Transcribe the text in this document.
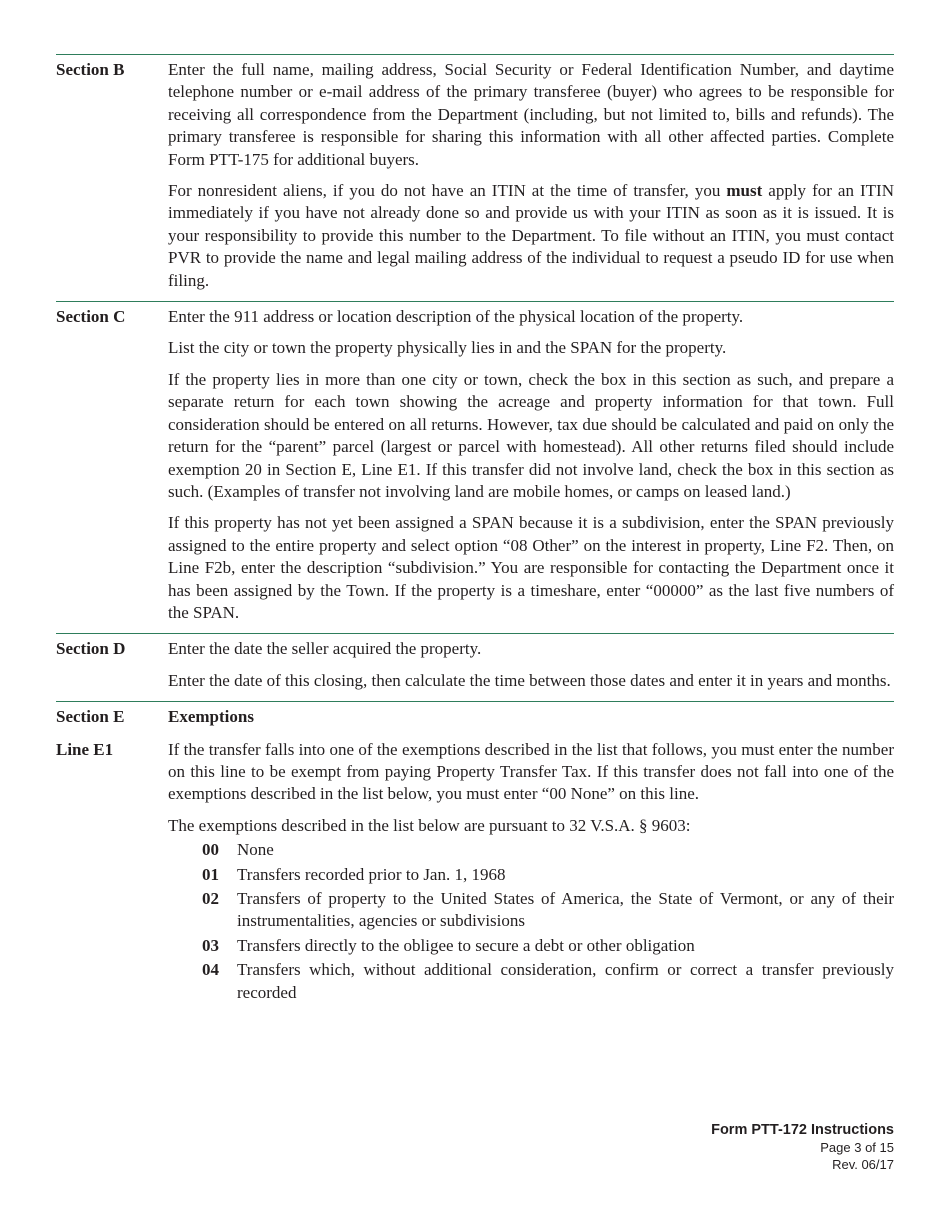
Section B	Enter the full name, mailing address, Social Security or Federal Identification Number, and daytime telephone number or e-mail address of the primary transferee (buyer) who agrees to be responsible for receiving all correspondence from the Department (including, but not limited to, bills and refunds). The primary transferee is responsible for sharing this information with all other affected parties. Complete Form PTT-175 for additional buyers.

For nonresident aliens, if you do not have an ITIN at the time of transfer, you must apply for an ITIN immediately if you have not already done so and provide us with your ITIN as soon as it is issued. It is your responsibility to provide this number to the Department. To file without an ITIN, you must contact PVR to provide the name and legal mailing address of the individual to request a pseudo ID for use when filing.

Section C	Enter the 911 address or location description of the physical location of the property.

List the city or town the property physically lies in and the SPAN for the property.

If the property lies in more than one city or town, check the box in this section as such, and prepare a separate return for each town showing the acreage and property information for that town. Full consideration should be entered on all returns. However, tax due should be calculated and paid on only the return for the “parent” parcel (largest or parcel with homestead). All other returns filed should include exemption 20 in Section E, Line E1. If this transfer did not involve land, check the box in this section as such. (Examples of transfer not involving land are mobile homes, or camps on leased land.)

If this property has not yet been assigned a SPAN because it is a subdivision, enter the SPAN previously assigned to the entire property and select option “08 Other” on the interest in property, Line F2. Then, on Line F2b, enter the description “subdivision.” You are responsible for contacting the Department once it has been assigned by the Town. If the property is a timeshare, enter “00000” as the last five numbers of the SPAN.

Section D	Enter the date the seller acquired the property.

Enter the date of this closing, then calculate the time between those dates and enter it in years and months.

Section E	Exemptions
Line E1	If the transfer falls into one of the exemptions described in the list that follows, you must enter the number on this line to be exempt from paying Property Transfer Tax. If this transfer does not fall into one of the exemptions described in the list below, you must enter “00 None” on this line.

The exemptions described in the list below are pursuant to 32 V.S.A. § 9603:

00	None
01	Transfers recorded prior to Jan. 1, 1968
02	Transfers of property to the United States of America, the State of Vermont, or any of their instrumentalities, agencies or subdivisions
03	Transfers directly to the obligee to secure a debt or other obligation
04	Transfers which, without additional consideration, confirm or correct a transfer previously recorded
Form PTT-172 Instructions
Page 3 of 15
Rev. 06/17
